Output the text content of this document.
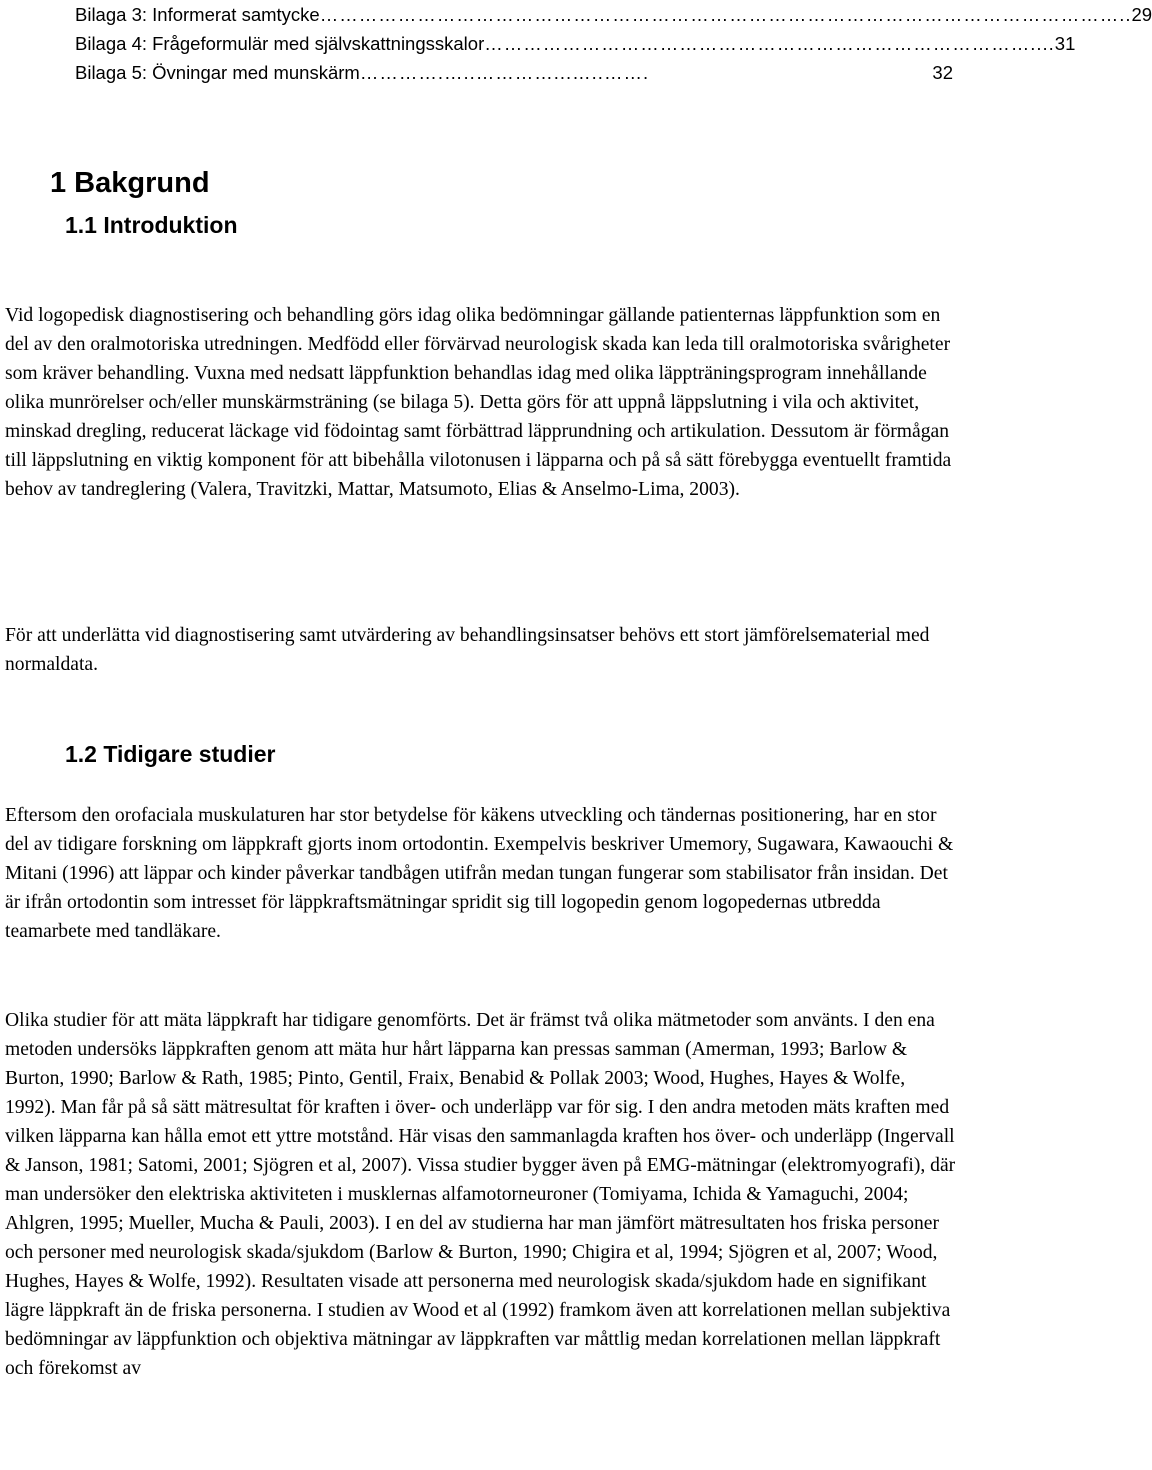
Bilaga 3: Informerat samtycke …………………………………………………………………………………………………………….. 29
Bilaga 4: Frågeformulär med självskattningsskalor ………………………………………………………………………….... 31
Bilaga 5: Övningar med munskärm ………….…..…………...…..…….	32
1 Bakgrund
1.1 Introduktion

Vid logopedisk diagnostisering och behandling görs idag olika bedömningar gällande patienternas läppfunktion som en del av den oralmotoriska utredningen. Medfödd eller förvärvad neurologisk skada kan leda till oralmotoriska svårigheter som kräver behandling. Vuxna med nedsatt läppfunktion behandlas idag med olika läppträningsprogram innehållande olika munrörelser och/eller munskärmsträning (se bilaga 5). Detta görs för att uppnå läppslutning i vila och aktivitet, minskad dregling, reducerat läckage vid födointag samt förbättrad läpprundning och artikulation. Dessutom är förmågan till läppslutning en viktig komponent för att bibehålla vilotonusen i läpparna och på så sätt förebygga eventuellt framtida behov av tandreglering (Valera, Travitzki, Mattar, Matsumoto, Elias & Anselmo-Lima, 2003).

För att underlätta vid diagnostisering samt utvärdering av behandlingsinsatser behövs ett stort jämförelsematerial med normaldata.

1.2 Tidigare studier

Eftersom den orofaciala muskulaturen har stor betydelse för käkens utveckling och tändernas positionering, har en stor del av tidigare forskning om läppkraft gjorts inom ortodontin. Exempelvis beskriver Umemory, Sugawara, Kawaouchi & Mitani (1996) att läppar och kinder påverkar tandbågen utifrån medan tungan fungerar som stabilisator från insidan. Det är ifrån ortodontin som intresset för läppkraftsmätningar spridit sig till logopedin genom logopedernas utbredda teamarbete med tandläkare.

Olika studier för att mäta läppkraft har tidigare genomförts. Det är främst två olika mätmetoder som använts. I den ena metoden undersöks läppkraften genom att mäta hur hårt läpparna kan pressas samman (Amerman, 1993; Barlow & Burton, 1990; Barlow & Rath, 1985; Pinto, Gentil, Fraix, Benabid & Pollak 2003; Wood, Hughes, Hayes & Wolfe, 1992). Man får på så sätt mätresultat för kraften i över- och underläpp var för sig. I den andra metoden mäts kraften med vilken läpparna kan hålla emot ett yttre motstånd. Här visas den sammanlagda kraften hos över- och underläpp (Ingervall & Janson, 1981; Satomi, 2001; Sjögren et al, 2007). Vissa studier bygger även på EMG-mätningar (elektromyografi), där man undersöker den elektriska aktiviteten i musklernas alfamotorneuroner (Tomiyama, Ichida & Yamaguchi, 2004; Ahlgren, 1995; Mueller, Mucha & Pauli, 2003). I en del av studierna har man jämfört mätresultaten hos friska personer och personer med neurologisk skada/sjukdom (Barlow & Burton, 1990; Chigira et al, 1994; Sjögren et al, 2007; Wood, Hughes, Hayes & Wolfe, 1992). Resultaten visade att personerna med neurologisk skada/sjukdom hade en signifikant lägre läppkraft än de friska personerna. I studien av Wood et al (1992) framkom även att korrelationen mellan subjektiva bedömningar av läppfunktion och objektiva mätningar av läppkraften var måttlig medan korrelationen mellan läppkraft och förekomst av
